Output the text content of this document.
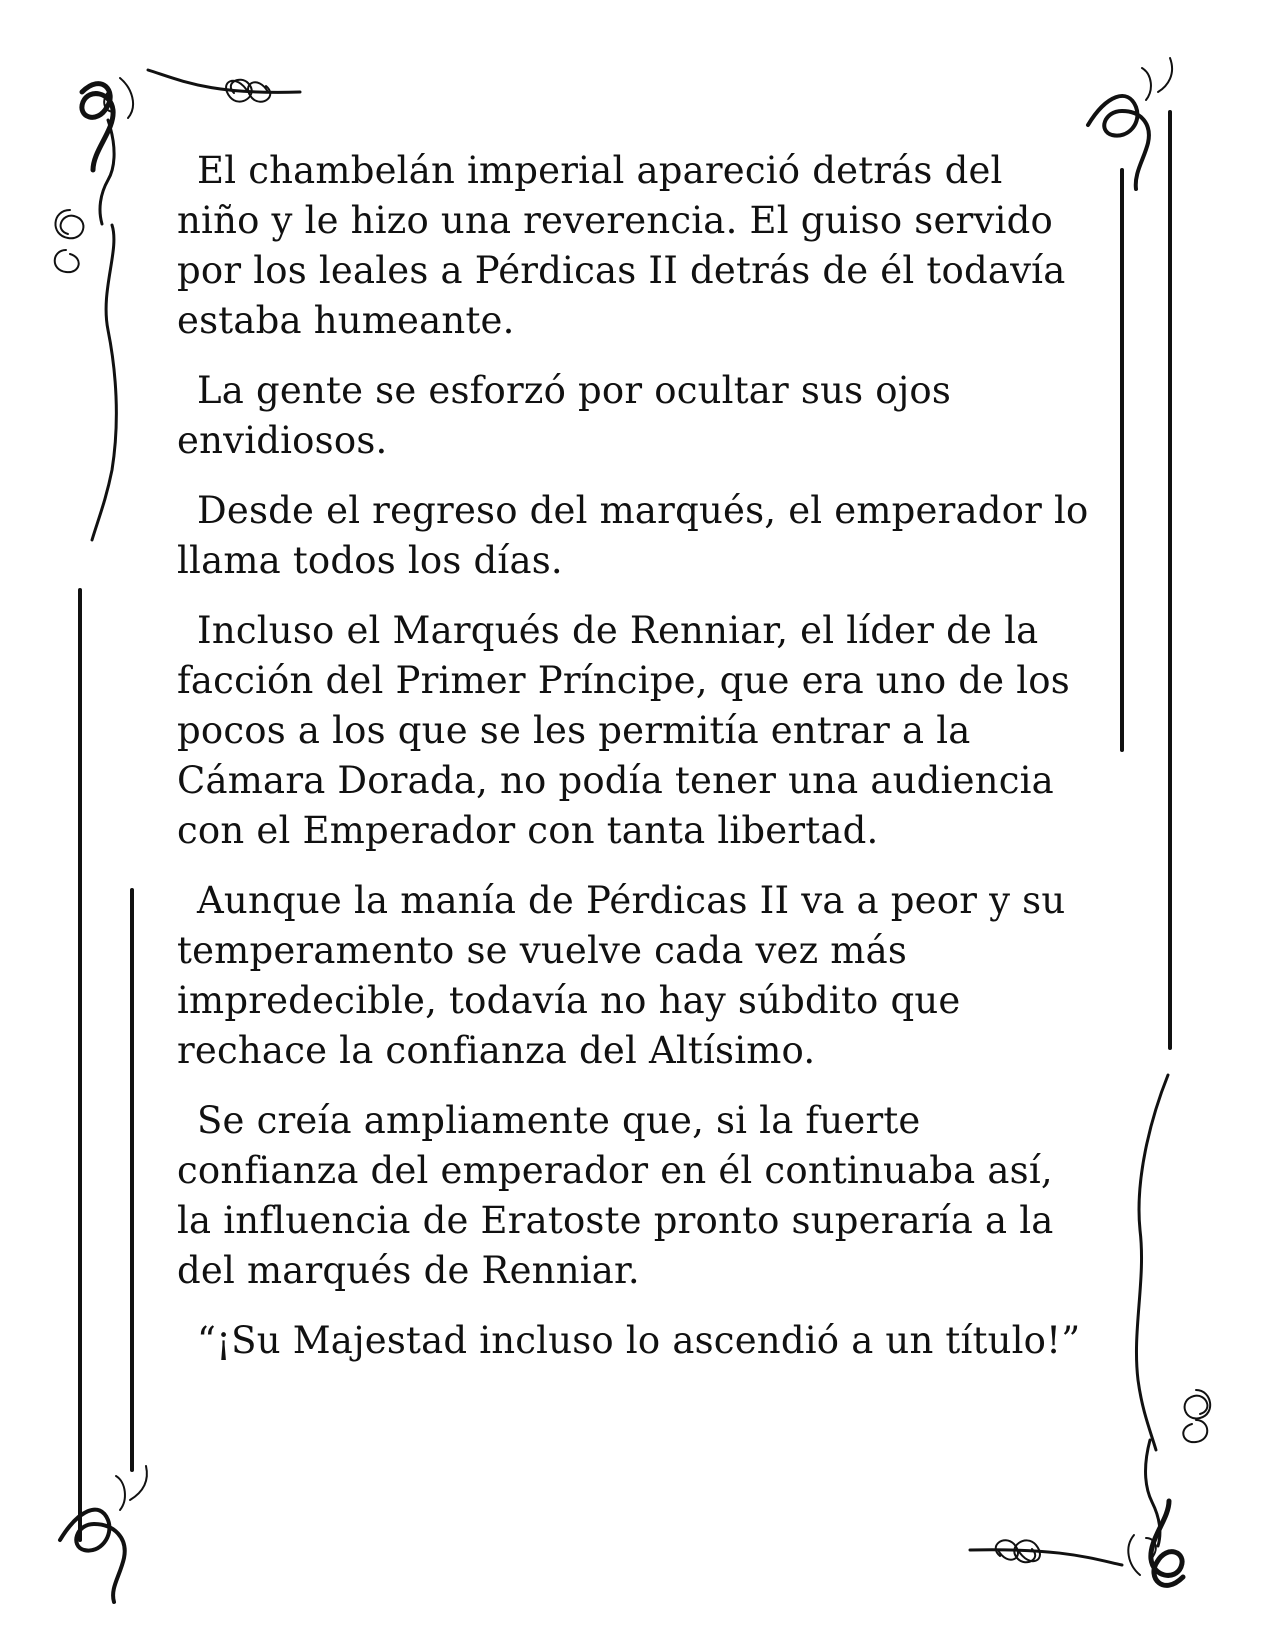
El chambelán imperial apareció detrás del niño y le hizo una reverencia. El guiso servido por los leales a Pérdicas II detrás de él todavía estaba humeante.

La gente se esforzó por ocultar sus ojos envidiosos.

Desde el regreso del marqués, el emperador lo llama todos los días.

Incluso el Marqués de Renniar, el líder de la facción del Primer Príncipe, que era uno de los pocos a los que se les permitía entrar a la Cámara Dorada, no podía tener una audiencia con el Emperador con tanta libertad.

Aunque la manía de Pérdicas II va a peor y su temperamento se vuelve cada vez más impredecible, todavía no hay súbdito que rechace la confianza del Altísimo.

Se creía ampliamente que, si la fuerte confianza del emperador en él continuaba así, la influencia de Eratoste pronto superaría a la del marqués de Renniar.

“¡Su Majestad incluso lo ascendió a un título!”
